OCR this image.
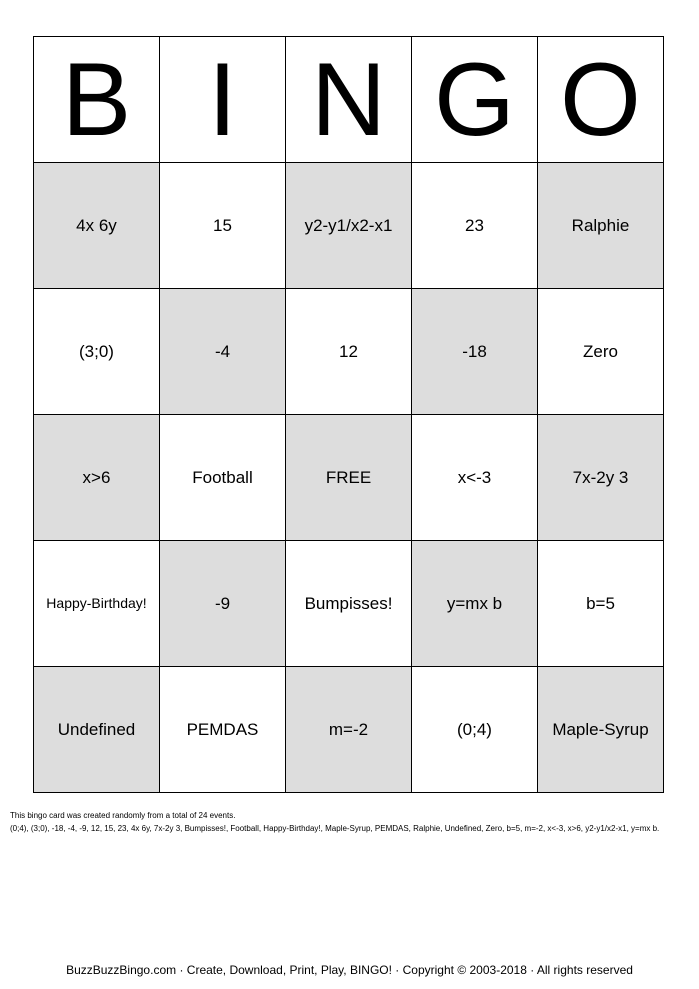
B	I	N	G	O
4x 6y	15	y2-y1/x2-x1	23	Ralphie
(3;0)	-4	12	-18	Zero
x>6	Football	FREE	x<-3	7x-2y 3
Happy-Birthday!	-9	Bumpisses!	y=mx b	b=5
Undefined	PEMDAS	m=-2	(0;4)	Maple-Syrup

This bingo card was created randomly from a total of 24 events.

(0;4), (3;0), -18, -4, -9, 12, 15, 23, 4x 6y, 7x-2y 3, Bumpisses!, Football, Happy-Birthday!, Maple-Syrup, PEMDAS, Ralphie, Undefined, Zero, b=5, m=-2, x<-3, x>6, y2-y1/x2-x1, y=mx b.

BuzzBuzzBingo.com · Create, Download, Print, Play, BINGO! · Copyright © 2003-2018 · All rights reserved
